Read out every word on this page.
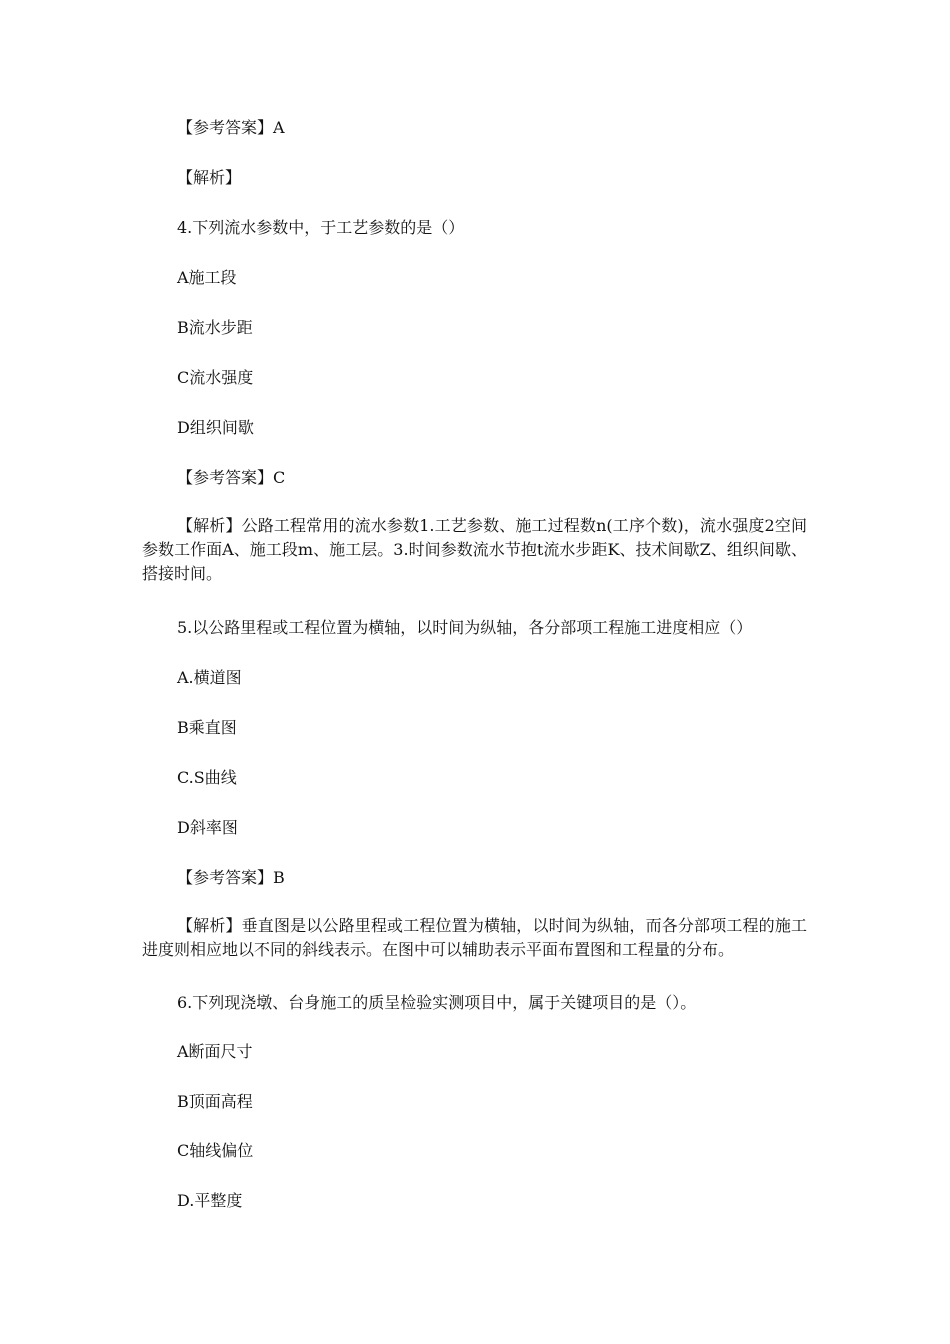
【参考答案】A
【解析】
4.下列流水参数中，于工艺参数的是（）
A施工段
B流水步距
C流水强度
D组织间歇
【参考答案】C
【解析】公路工程常用的流水参数1.工艺参数、施工过程数n(工序个数)，流水强度2空间参数工作面A、施工段m、施工层。3.时间参数流水节抱t流水步距K、技术间歇Z、组织间歇、搭接时间。
5.以公路里程或工程位置为横轴，以时间为纵轴，各分部项工程施工进度相应（）
A.横道图
B乘直图
C.S曲线
D斜率图
【参考答案】B
【解析】垂直图是以公路里程或工程位置为横轴，以时间为纵轴，而各分部项工程的施工进度则相应地以不同的斜线表示。在图中可以辅助表示平面布置图和工程量的分布。
6.下列现浇墩、台身施工的质呈检验实测项目中，属于关键项目的是（）。
A断面尺寸
B顶面高程
C轴线偏位
D.平整度
